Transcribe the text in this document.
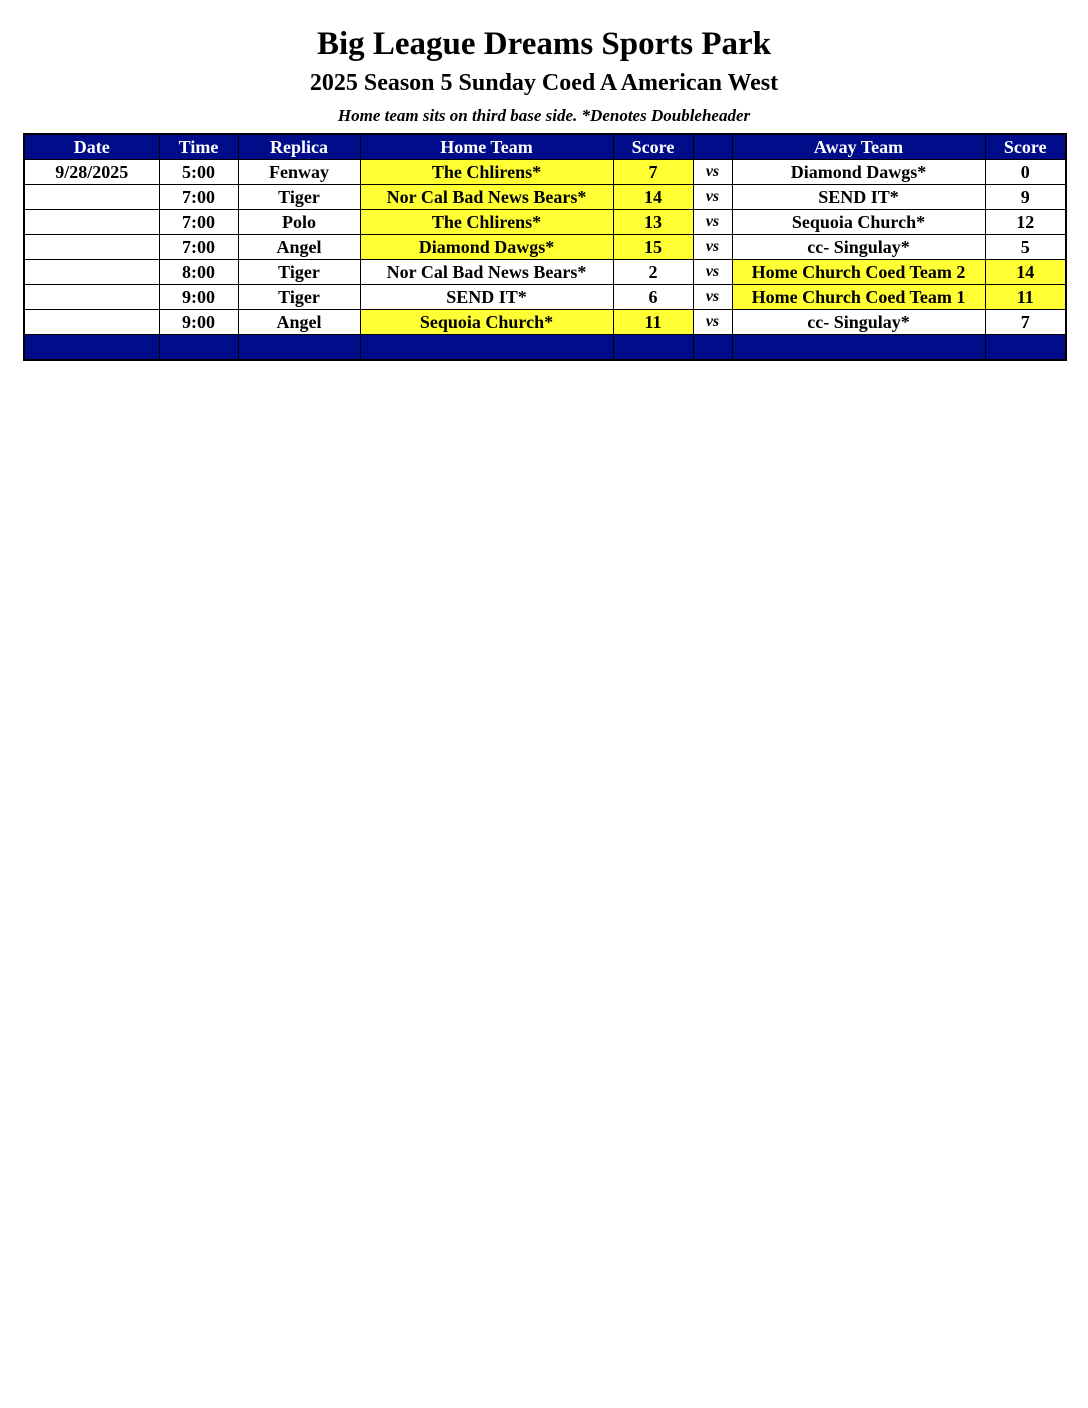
Big League Dreams Sports Park
2025 Season 5 Sunday Coed A American West
Home team sits on third base side. *Denotes Doubleheader
Date	Time	Replica	Home Team	Score		Away Team	Score
9/28/2025	5:00	Fenway	The Chlirens*	7	vs	Diamond Dawgs*	0
	7:00	Tiger	Nor Cal Bad News Bears*	14	vs	SEND IT*	9
	7:00	Polo	The Chlirens*	13	vs	Sequoia Church*	12
	7:00	Angel	Diamond Dawgs*	15	vs	cc- Singulay*	5
	8:00	Tiger	Nor Cal Bad News Bears*	2	vs	Home Church Coed Team 2	14
	9:00	Tiger	SEND IT*	6	vs	Home Church Coed Team 1	11
	9:00	Angel	Sequoia Church*	11	vs	cc- Singulay*	7
